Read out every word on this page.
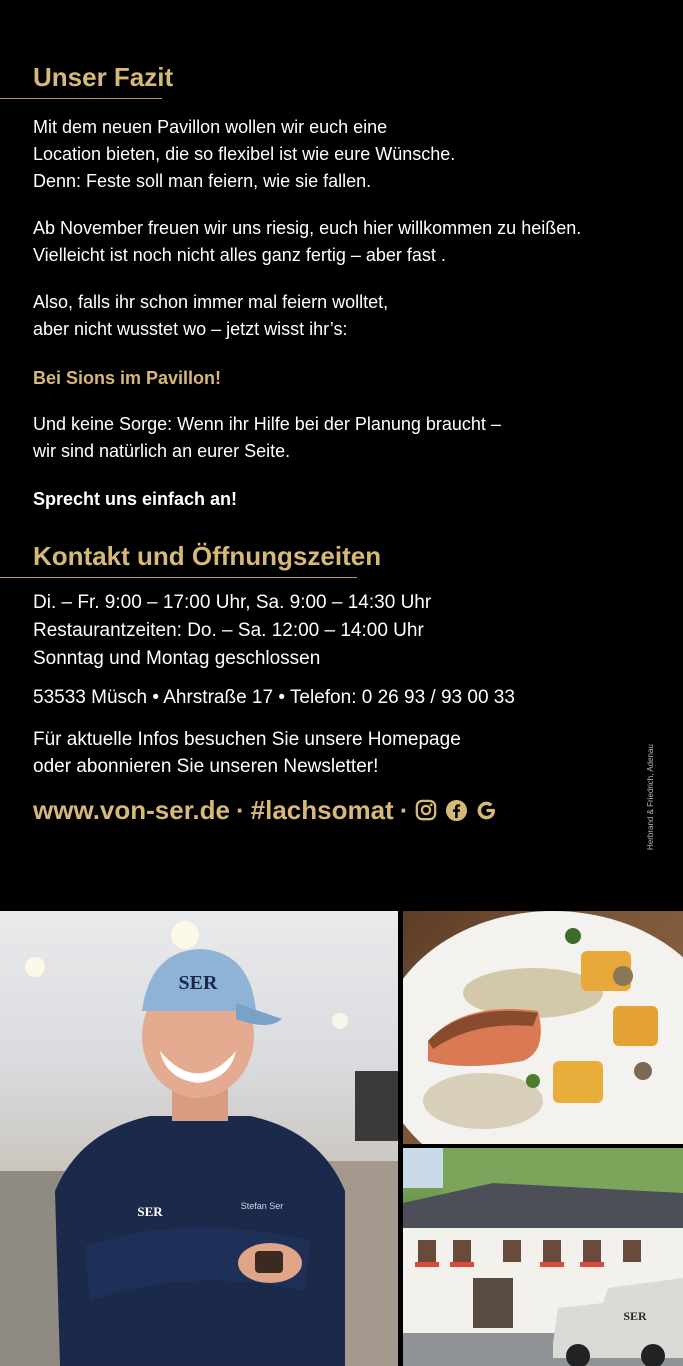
Unser Fazit

Mit dem neuen Pavillon wollen wir euch eine
Location bieten, die so flexibel ist wie eure Wünsche.
Denn: Feste soll man feiern, wie sie fallen.

Ab November freuen wir uns riesig, euch hier willkommen zu heißen.
Vielleicht ist noch nicht alles ganz fertig – aber fast .

Also, falls ihr schon immer mal feiern wolltet,
aber nicht wusstet wo – jetzt wisst ihr’s:

Bei Sions im Pavillon!

Und keine Sorge: Wenn ihr Hilfe bei der Planung braucht –
wir sind natürlich an eurer Seite.

Sprecht uns einfach an!

Kontakt und Öffnungszeiten

Di. – Fr. 9:00 – 17:00 Uhr, Sa. 9:00 – 14:30 Uhr
Restaurantzeiten: Do. – Sa. 12:00 – 14:00 Uhr
Sonntag und Montag geschlossen

53533 Müsch • Ahrstraße 17 • Telefon: 0 26 93 / 93 00 33

Für aktuelle Infos besuchen Sie unsere Homepage
oder abonnieren Sie unseren Newsletter!

www.von-ser.de · #lachsomat ·	Herbrand & Friedrich, Adenau
SER
SER	Stefan Ser
SER
